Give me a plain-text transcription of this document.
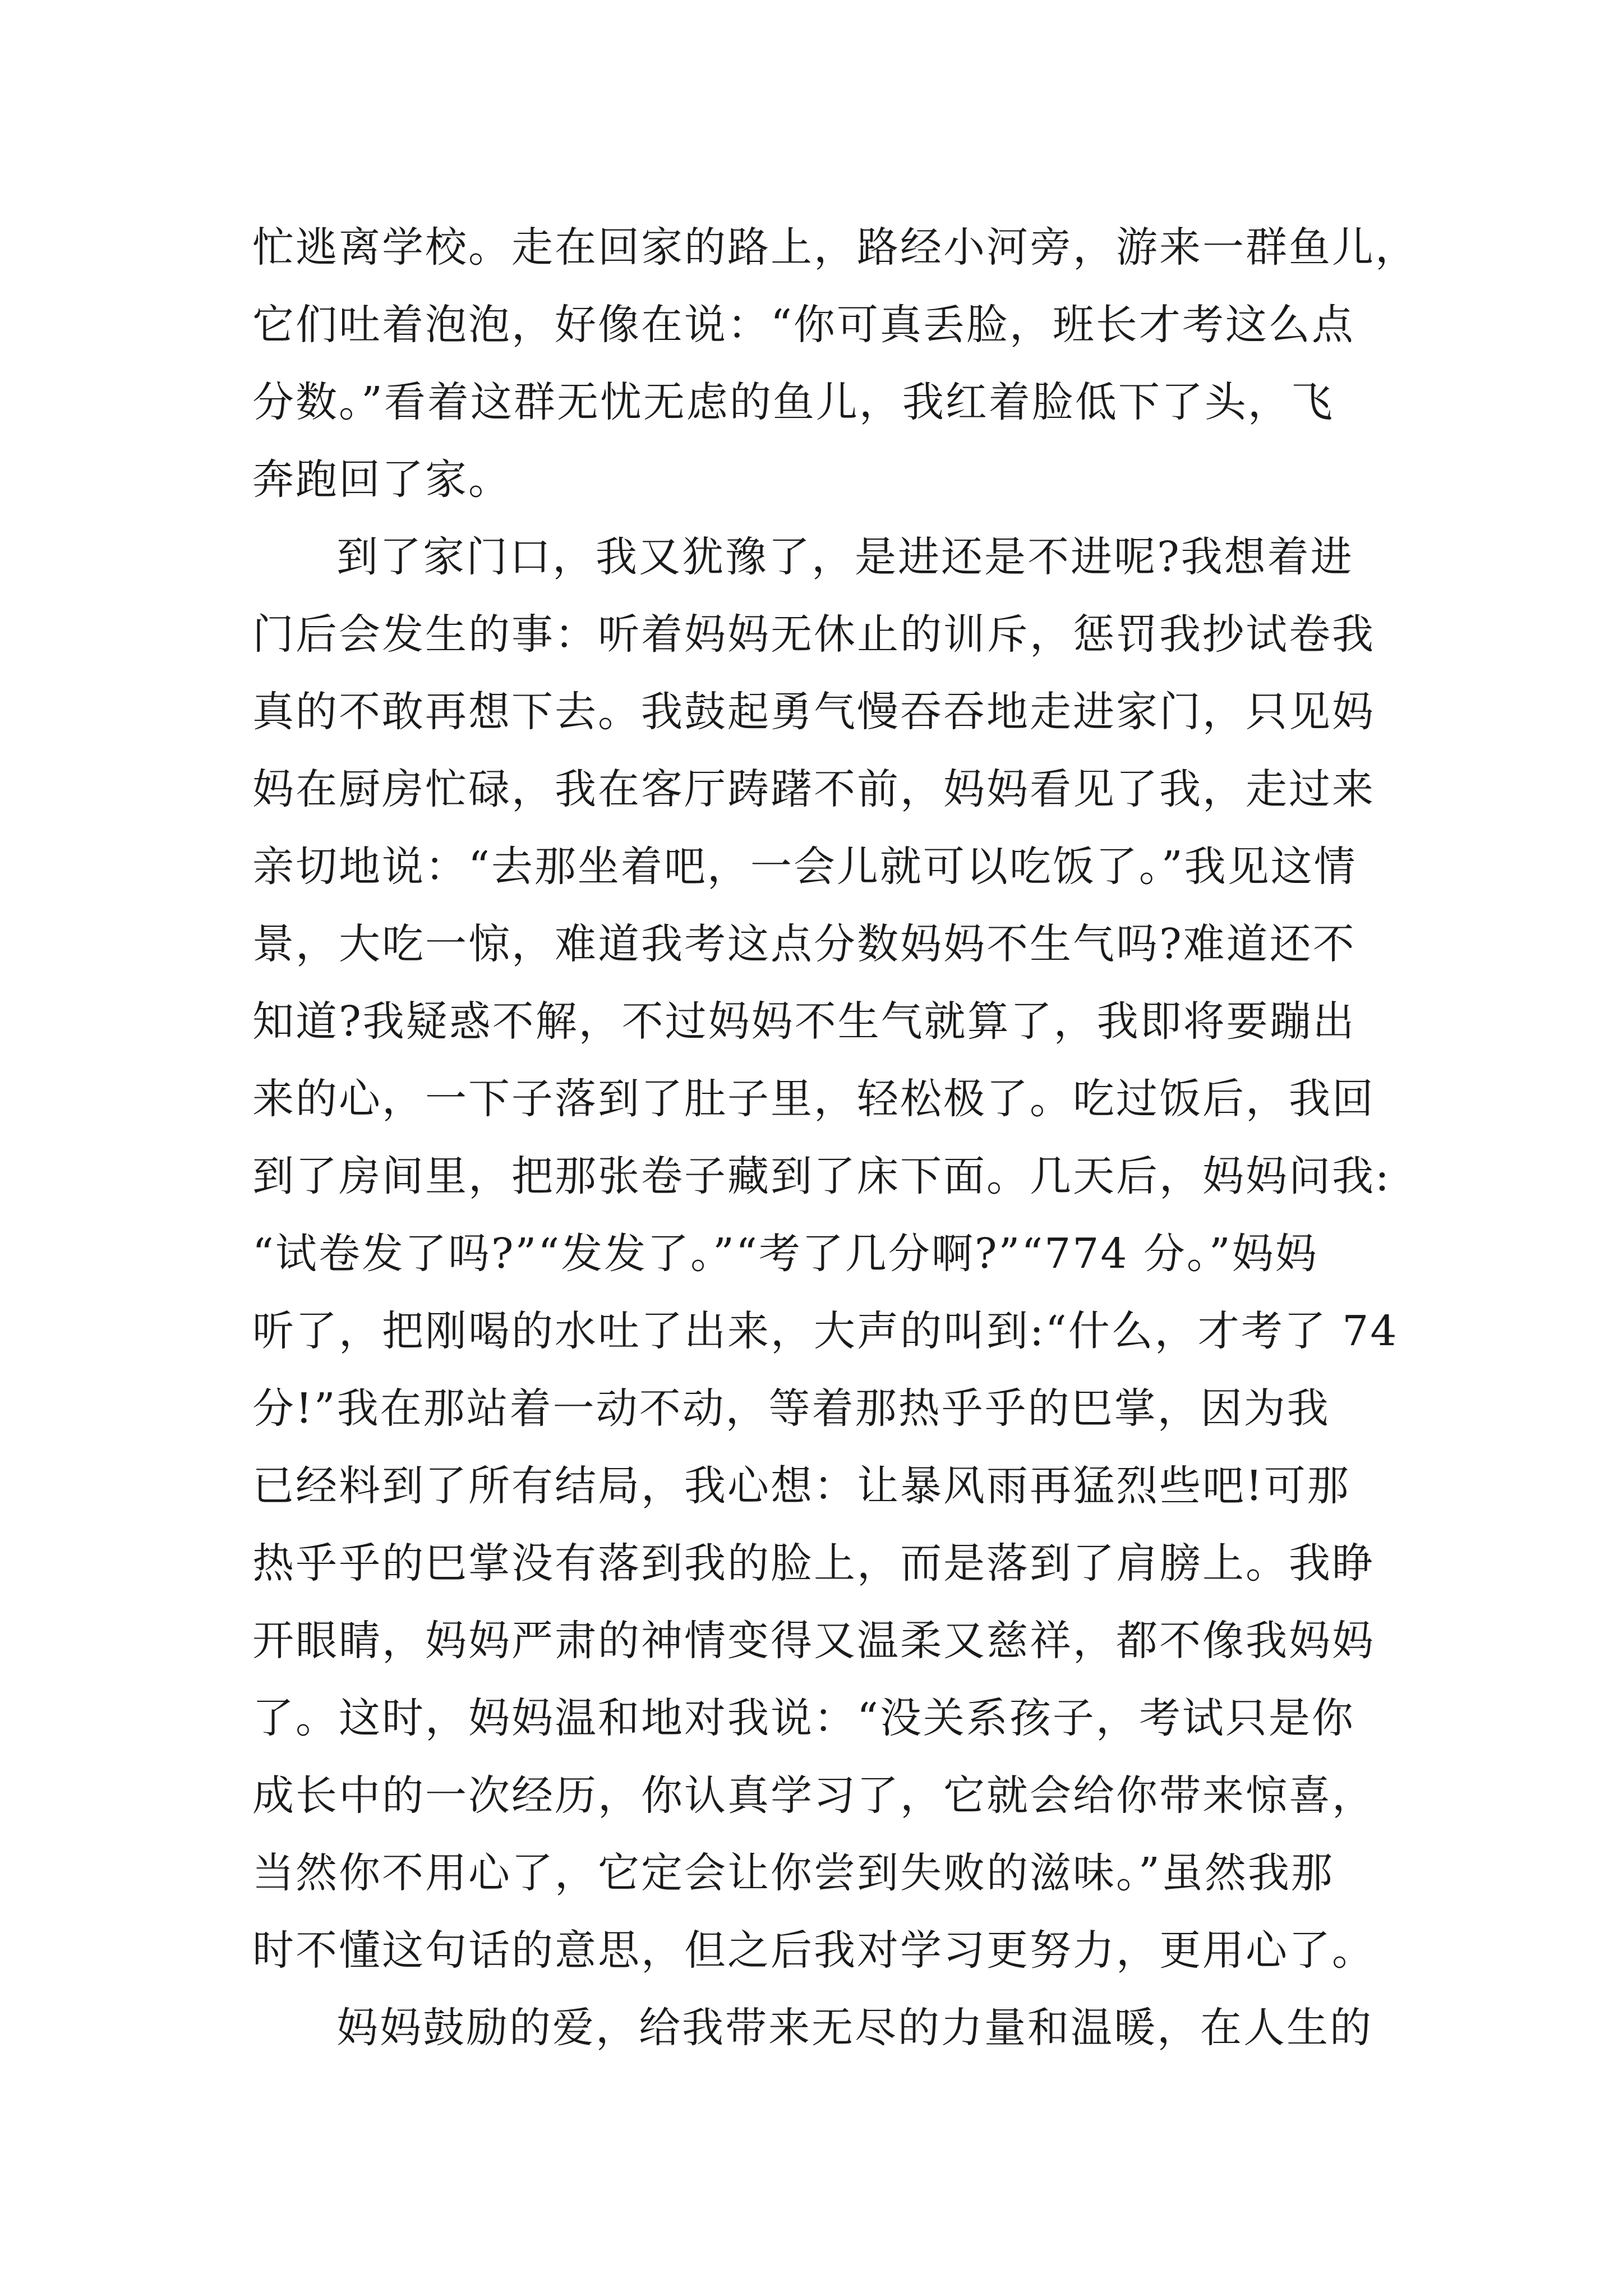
忙逃离学校。走在回家的路上，路经小河旁，游来一群鱼儿，
它们吐着泡泡，好像在说：“你可真丢脸，班长才考这么点
分数。”看着这群无忧无虑的鱼儿，我红着脸低下了头，飞
奔跑回了家。
到了家门口，我又犹豫了，是进还是不进呢?我想着进
门后会发生的事：听着妈妈无休止的训斥，惩罚我抄试卷我
真的不敢再想下去。我鼓起勇气慢吞吞地走进家门，只见妈
妈在厨房忙碌，我在客厅踌躇不前，妈妈看见了我，走过来
亲切地说：“去那坐着吧，一会儿就可以吃饭了。”我见这情
景，大吃一惊，难道我考这点分数妈妈不生气吗?难道还不
知道?我疑惑不解，不过妈妈不生气就算了，我即将要蹦出
来的心，一下子落到了肚子里，轻松极了。吃过饭后，我回
到了房间里，把那张卷子藏到了床下面。几天后，妈妈问我:
“试卷发了吗?”“发发了。”“考了几分啊?”“774 分。”妈妈
听了，把刚喝的水吐了出来，大声的叫到:“什么，才考了 74
分!”我在那站着一动不动，等着那热乎乎的巴掌，因为我
已经料到了所有结局，我心想：让暴风雨再猛烈些吧!可那
热乎乎的巴掌没有落到我的脸上，而是落到了肩膀上。我睁
开眼睛，妈妈严肃的神情变得又温柔又慈祥，都不像我妈妈
了。这时，妈妈温和地对我说：“没关系孩子，考试只是你
成长中的一次经历，你认真学习了，它就会给你带来惊喜，
当然你不用心了，它定会让你尝到失败的滋味。”虽然我那
时不懂这句话的意思，但之后我对学习更努力，更用心了。
妈妈鼓励的爱，给我带来无尽的力量和温暖，在人生的
